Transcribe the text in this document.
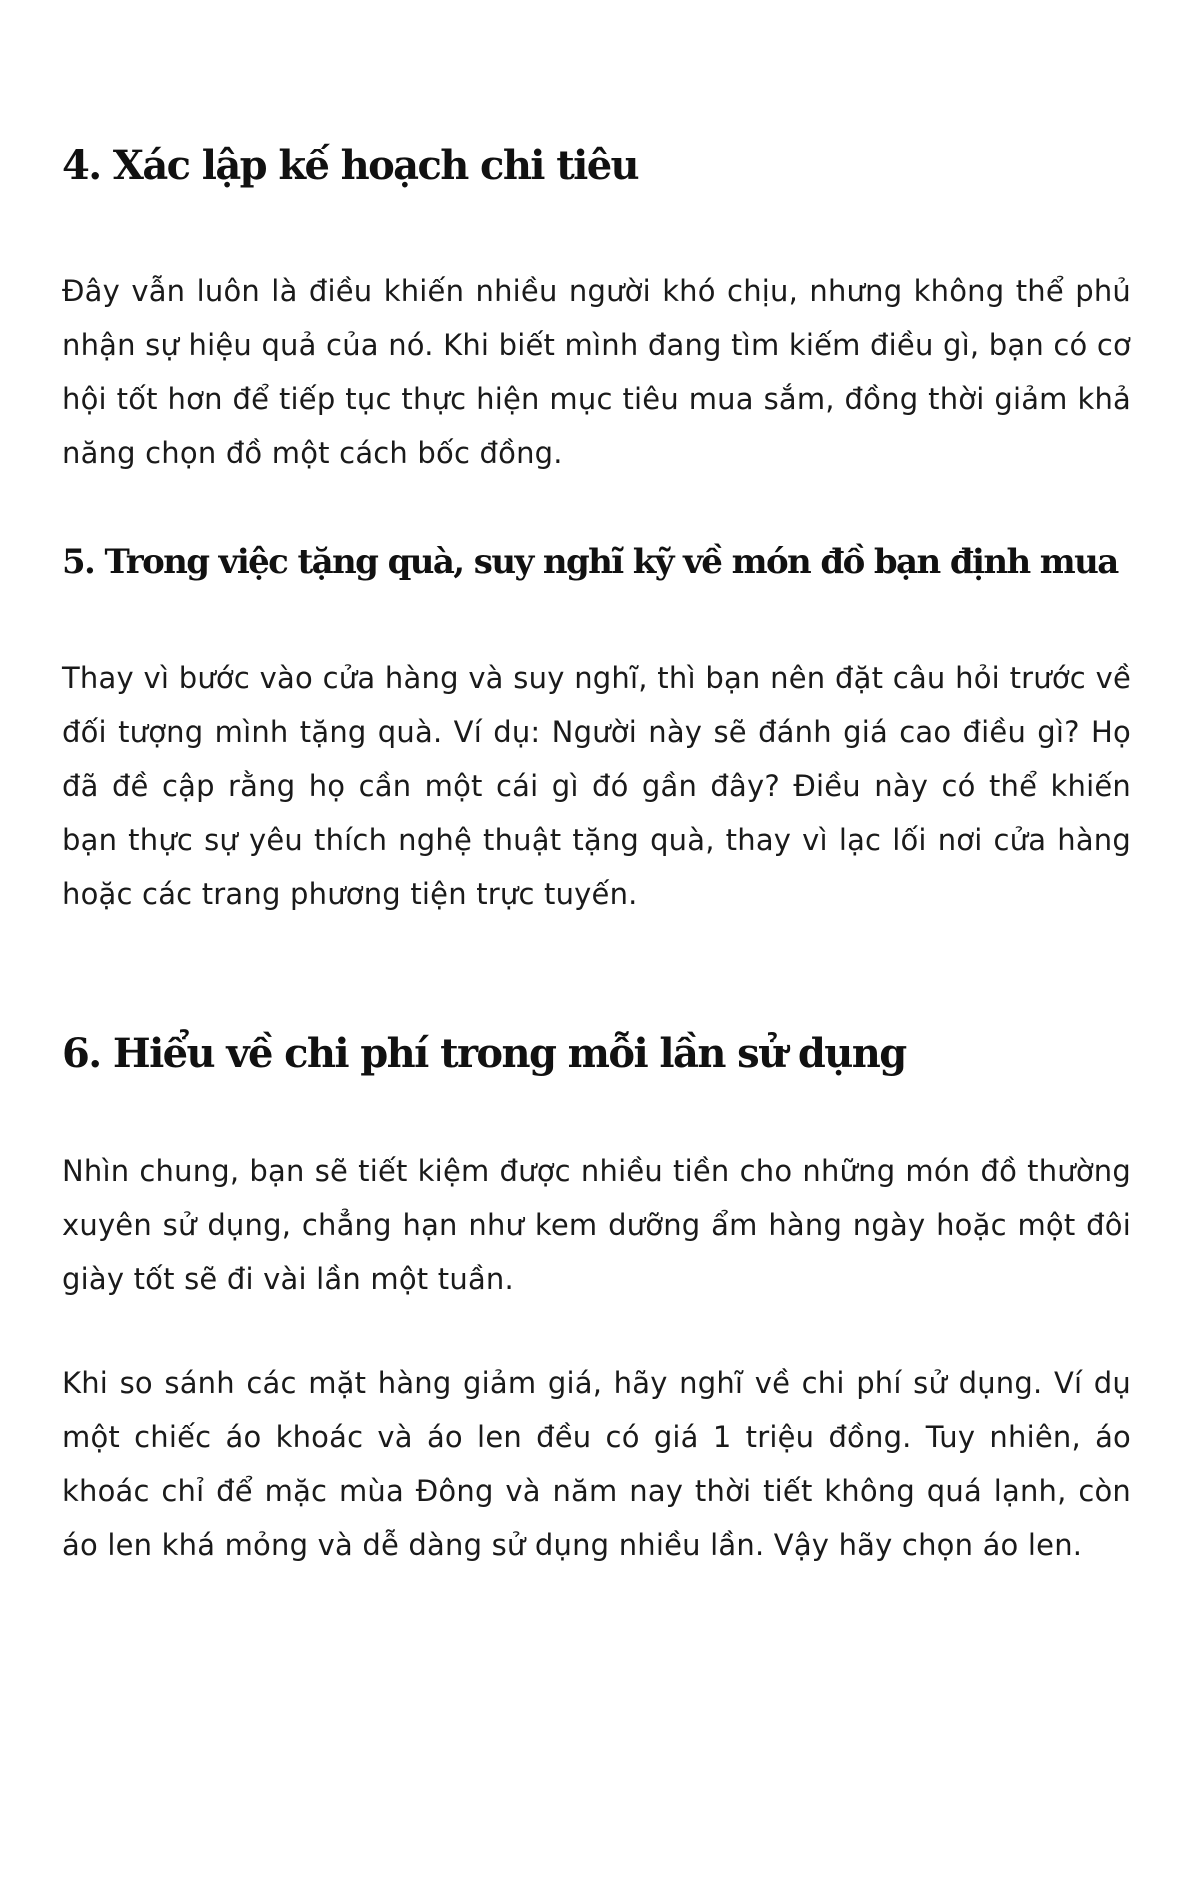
4. Xác lập kế hoạch chi tiêu

Đây vẫn luôn là điều khiến nhiều người khó chịu, nhưng không thể phủ nhận sự hiệu quả của nó. Khi biết mình đang tìm kiếm điều gì, bạn có cơ hội tốt hơn để tiếp tục thực hiện mục tiêu mua sắm, đồng thời giảm khả năng chọn đồ một cách bốc đồng.

5. Trong việc tặng quà, suy nghĩ kỹ về món đồ bạn định mua

Thay vì bước vào cửa hàng và suy nghĩ, thì bạn nên đặt câu hỏi trước về đối tượng mình tặng quà. Ví dụ: Người này sẽ đánh giá cao điều gì? Họ đã đề cập rằng họ cần một cái gì đó gần đây? Điều này có thể khiến bạn thực sự yêu thích nghệ thuật tặng quà, thay vì lạc lối nơi cửa hàng hoặc các trang phương tiện trực tuyến.

6. Hiểu về chi phí trong mỗi lần sử dụng

Nhìn chung, bạn sẽ tiết kiệm được nhiều tiền cho những món đồ thường xuyên sử dụng, chẳng hạn như kem dưỡng ẩm hàng ngày hoặc một đôi giày tốt sẽ đi vài lần một tuần.

Khi so sánh các mặt hàng giảm giá, hãy nghĩ về chi phí sử dụng. Ví dụ một chiếc áo khoác và áo len đều có giá 1 triệu đồng. Tuy nhiên, áo khoác chỉ để mặc mùa Đông và năm nay thời tiết không quá lạnh, còn áo len khá mỏng và dễ dàng sử dụng nhiều lần. Vậy hãy chọn áo len.
